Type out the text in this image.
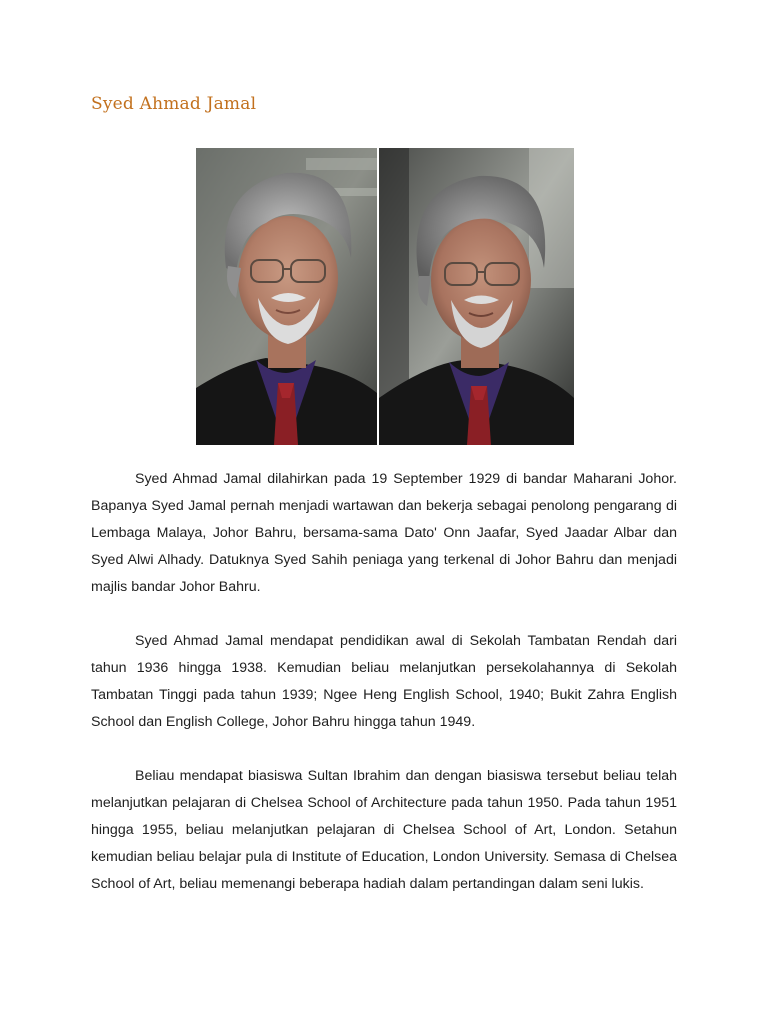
Syed Ahmad Jamal

Syed Ahmad Jamal dilahirkan pada 19 September 1929 di bandar Maharani Johor. Bapanya Syed Jamal pernah menjadi wartawan dan bekerja sebagai penolong pengarang di Lembaga Malaya, Johor Bahru, bersama-sama Dato' Onn Jaafar, Syed Jaadar Albar dan Syed Alwi Alhady. Datuknya Syed Sahih peniaga yang terkenal di Johor Bahru dan menjadi majlis bandar Johor Bahru.

Syed Ahmad Jamal mendapat pendidikan awal di Sekolah Tambatan Rendah dari tahun 1936 hingga 1938. Kemudian beliau melanjutkan persekolahannya di Sekolah Tambatan Tinggi pada tahun 1939; Ngee Heng English School, 1940; Bukit Zahra English School dan English College, Johor Bahru hingga tahun 1949.

Beliau mendapat biasiswa Sultan Ibrahim dan dengan biasiswa tersebut beliau telah melanjutkan pelajaran di Chelsea School of Architecture pada tahun 1950. Pada tahun 1951 hingga 1955, beliau melanjutkan pelajaran di Chelsea School of Art, London. Setahun kemudian beliau belajar pula di Institute of Education, London University. Semasa di Chelsea School of Art, beliau memenangi beberapa hadiah dalam pertandingan dalam seni lukis.
